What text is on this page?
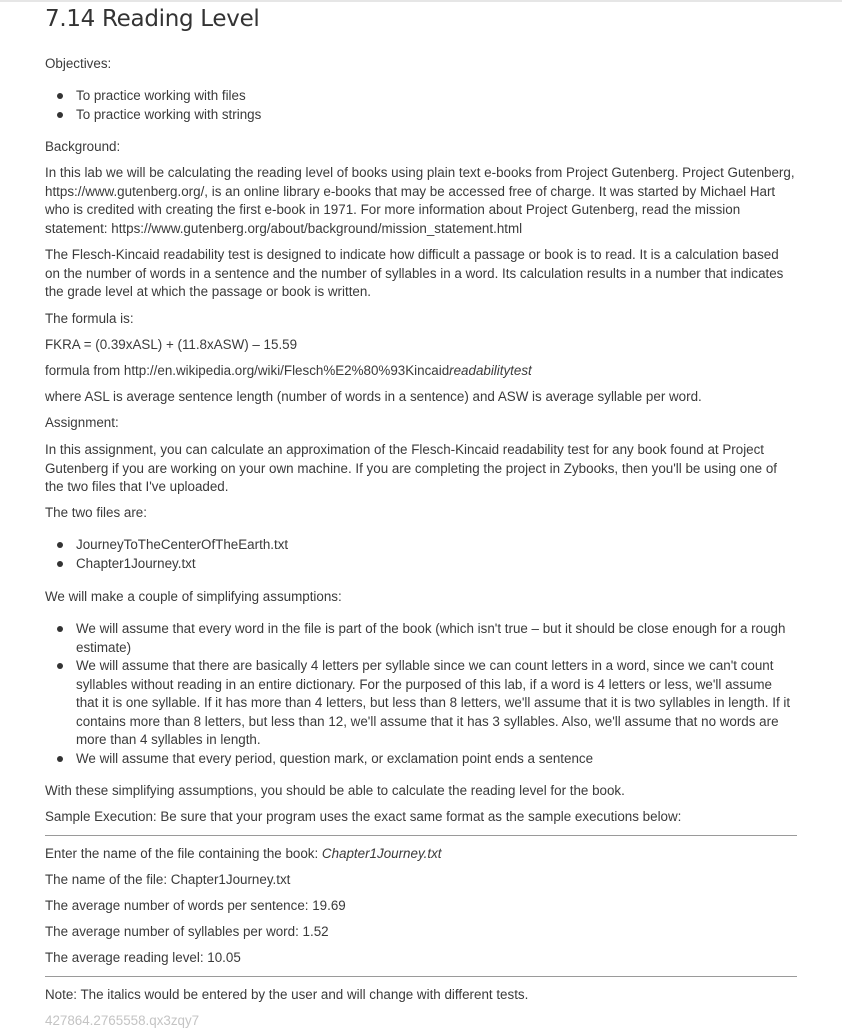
7.14 Reading Level
Objectives:
To practice working with files
To practice working with strings
Background:
In this lab we will be calculating the reading level of books using plain text e-books from Project Gutenberg. Project Gutenberg, https://www.gutenberg.org/, is an online library e-books that may be accessed free of charge. It was started by Michael Hart who is credited with creating the first e-book in 1971. For more information about Project Gutenberg, read the mission statement: https://www.gutenberg.org/about/background/mission_statement.html
The Flesch-Kincaid readability test is designed to indicate how difficult a passage or book is to read. It is a calculation based on the number of words in a sentence and the number of syllables in a word. Its calculation results in a number that indicates the grade level at which the passage or book is written.
The formula is:
FKRA = (0.39xASL) + (11.8xASW) – 15.59
formula from http://en.wikipedia.org/wiki/Flesch%E2%80%93Kincaidreadabilitytest
where ASL is average sentence length (number of words in a sentence) and ASW is average syllable per word.
Assignment:
In this assignment, you can calculate an approximation of the Flesch-Kincaid readability test for any book found at Project Gutenberg if you are working on your own machine. If you are completing the project in Zybooks, then you'll be using one of the two files that I've uploaded.
The two files are:
JourneyToTheCenterOfTheEarth.txt
Chapter1Journey.txt
We will make a couple of simplifying assumptions:
We will assume that every word in the file is part of the book (which isn't true – but it should be close enough for a rough estimate)
We will assume that there are basically 4 letters per syllable since we can count letters in a word, since we can't count syllables without reading in an entire dictionary. For the purposed of this lab, if a word is 4 letters or less, we'll assume that it is one syllable. If it has more than 4 letters, but less than 8 letters, we'll assume that it is two syllables in length. If it contains more than 8 letters, but less than 12, we'll assume that it has 3 syllables. Also, we'll assume that no words are more than 4 syllables in length.
We will assume that every period, question mark, or exclamation point ends a sentence
With these simplifying assumptions, you should be able to calculate the reading level for the book.
Sample Execution: Be sure that your program uses the exact same format as the sample executions below:
Enter the name of the file containing the book: Chapter1Journey.txt
The name of the file: Chapter1Journey.txt
The average number of words per sentence: 19.69
The average number of syllables per word: 1.52
The average reading level: 10.05
Note: The italics would be entered by the user and will change with different tests.
427864.2765558.qx3zqy7
